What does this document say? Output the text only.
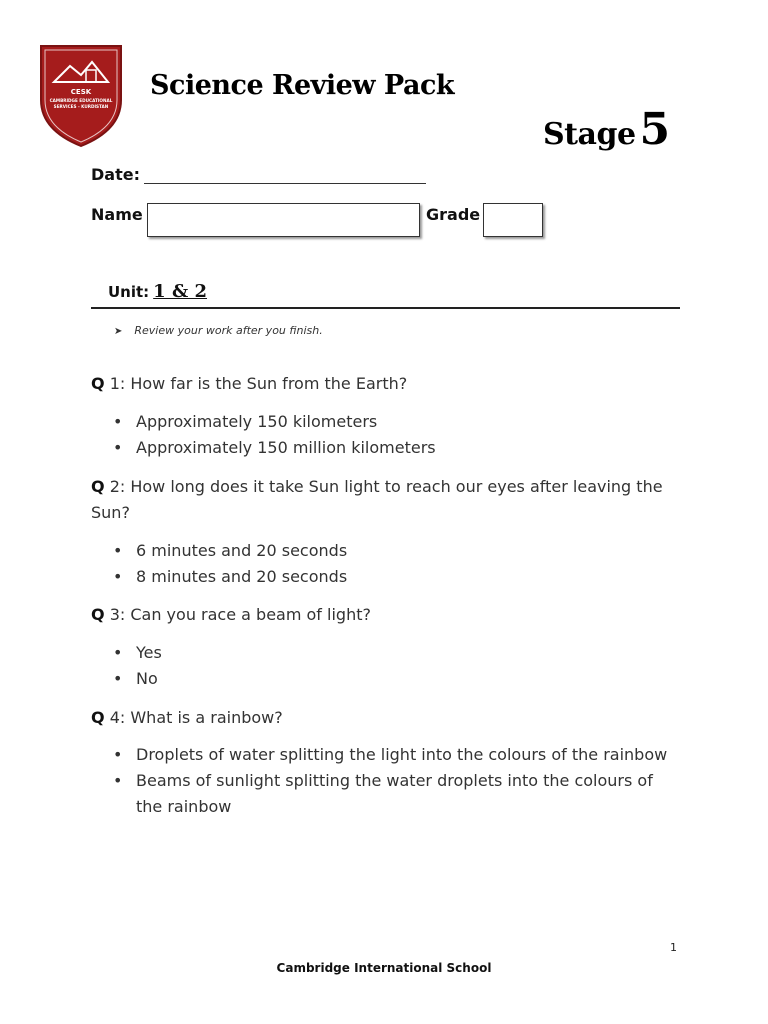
CESK
CAMBRIDGE EDUCATIONAL
SERVICES - KURDISTAN
Science Review Pack
Stage5
Date:
Name	Grade
Unit: 1 & 2
➤ Review your work after you finish.
Q 1: How far is the Sun from the Earth?
• Approximately 150 kilometers
• Approximately 150 million kilometers
Q 2: How long does it take Sun light to reach our eyes after leaving the Sun?
• 6 minutes and 20 seconds
• 8 minutes and 20 seconds
Q 3: Can you race a beam of light?
• Yes
• No
Q 4: What is a rainbow?
• Droplets of water splitting the light into the colours of the rainbow
• Beams of sunlight splitting the water droplets into the colours of the rainbow
1
Cambridge International School
